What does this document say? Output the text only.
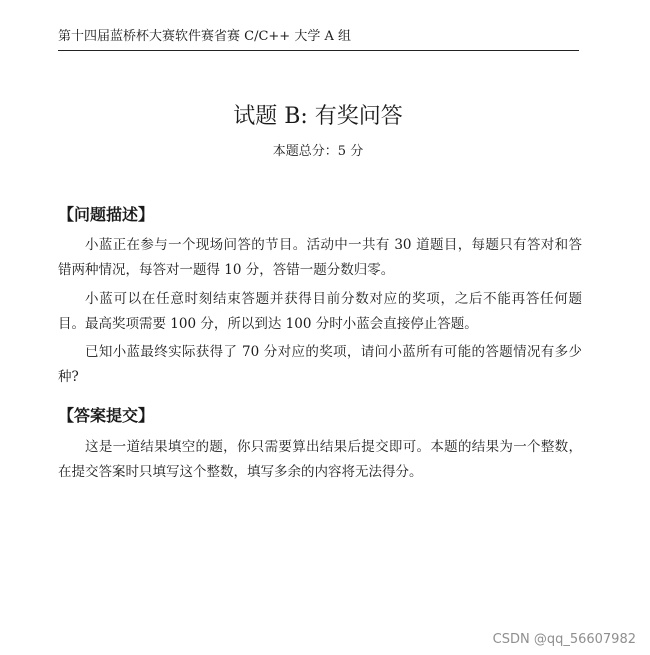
第十四届蓝桥杯大赛软件赛省赛 C/C++ 大学 A 组
试题 B: 有奖问答
本题总分：5 分
【问题描述】
小蓝正在参与一个现场问答的节目。活动中一共有 30 道题目，每题只有答对和答错两种情况，每答对一题得 10 分，答错一题分数归零。
小蓝可以在任意时刻结束答题并获得目前分数对应的奖项，之后不能再答任何题目。最高奖项需要 100 分，所以到达 100 分时小蓝会直接停止答题。
已知小蓝最终实际获得了 70 分对应的奖项，请问小蓝所有可能的答题情况有多少种?
【答案提交】
这是一道结果填空的题，你只需要算出结果后提交即可。本题的结果为一个整数，在提交答案时只填写这个整数，填写多余的内容将无法得分。
CSDN @qq_56607982
